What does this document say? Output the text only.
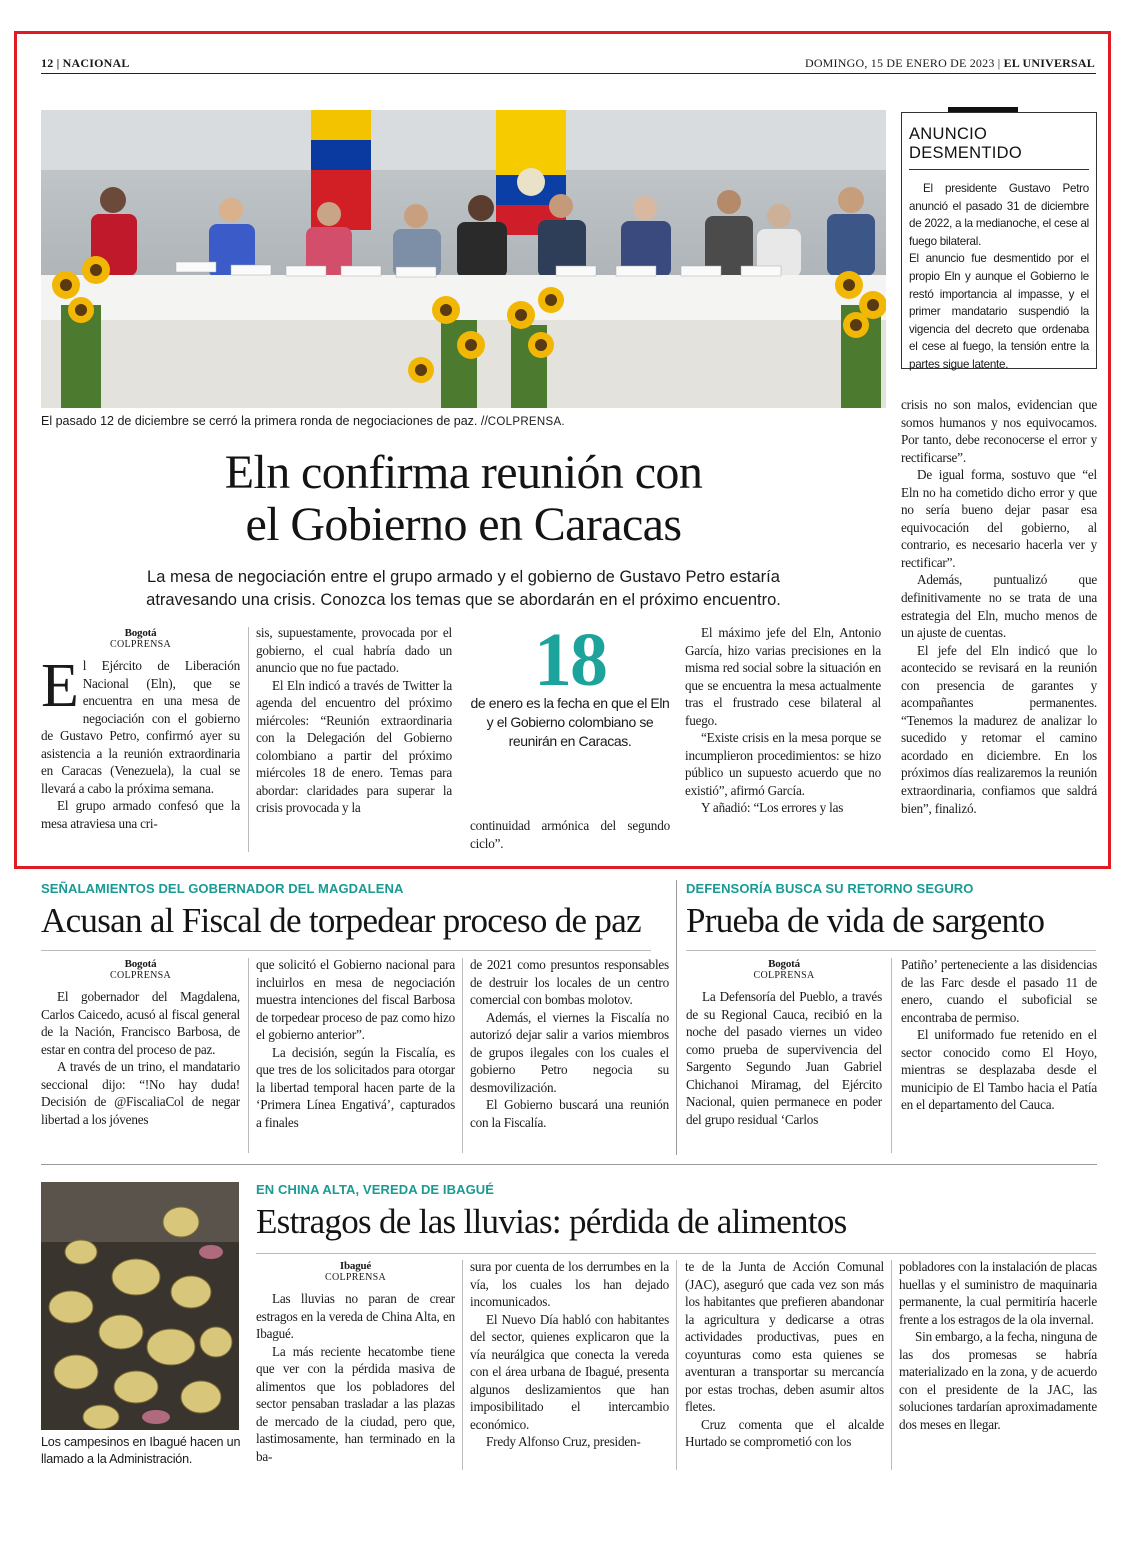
12 | NACIONAL	DOMINGO, 15 DE ENERO DE 2023 | EL UNIVERSAL
El pasado 12 de diciembre se cerró la primera ronda de negociaciones de paz. //COLPRENSA.
ANUNCIO DESMENTIDO

El presidente Gustavo Petro anunció el pasado 31 de diciembre de 2022, a la medianoche, el cese al fuego bilateral.

El anuncio fue desmentido por el propio Eln y aunque el Gobierno le restó importancia al impasse, y el primer mandatario suspendió la vigencia del decreto que ordenaba el cese al fuego, la tensión entre la partes sigue latente.

Eln confirma reunión con
el Gobierno en Caracas
La mesa de negociación entre el grupo armado y el gobierno de Gustavo Petro estaría
atravesando una crisis. Conozca los temas que se abordarán en el próximo encuentro.
Bogotá
COLPRENSA

El Ejército de Liberación Nacional (Eln), que se encuentra en una mesa de negociación con el gobierno de Gustavo Petro, confirmó ayer su asistencia a la reunión extraordinaria en Caracas (Venezuela), la cual se llevará a cabo la próxima semana.

El grupo armado confesó que la mesa atraviesa una cri-

sis, supuestamente, provocada por el gobierno, el cual habría dado un anuncio que no fue pactado.

El Eln indicó a través de Twitter la agenda del encuentro del próximo miércoles: “Reunión extraordinaria con la Delegación del Gobierno colombiano a partir del próximo miércoles 18 de enero. Temas para abordar: claridades para superar la crisis provocada y la

18
de enero es la fecha en que el Eln y el Gobierno colombiano se reunirán en Caracas.

continuidad armónica del segundo ciclo”.

El máximo jefe del Eln, Antonio García, hizo varias precisiones en la misma red social sobre la situación en que se encuentra la mesa actualmente tras el frustrado cese bilateral al fuego.

“Existe crisis en la mesa porque se incumplieron procedimientos: se hizo público un supuesto acuerdo que no existió”, afirmó García.

Y añadió: “Los errores y las

crisis no son malos, evidencian que somos humanos y nos equivocamos. Por tanto, debe reconocerse el error y rectificarse”.

De igual forma, sostuvo que “el Eln no ha cometido dicho error y que no sería bueno dejar pasar esa equivocación del gobierno, al contrario, es necesario hacerla ver y rectificar”.

Además, puntualizó que definitivamente no se trata de una estrategia del Eln, mucho menos de un ajuste de cuentas.

El jefe del Eln indicó que lo acontecido se revisará en la reunión con presencia de garantes y acompañantes permanentes. “Tenemos la madurez de analizar lo sucedido y retomar el camino acordado en diciembre. En los próximos días realizaremos la reunión extraordinaria, confiamos que saldrá bien”, finalizó.

SEÑALAMIENTOS DEL GOBERNADOR DEL MAGDALENA
Acusan al Fiscal de torpedear proceso de paz
Bogotá
COLPRENSA

El gobernador del Magdalena, Carlos Caicedo, acusó al fiscal general de la Nación, Francisco Barbosa, de estar en contra del proceso de paz.

A través de un trino, el mandatario seccional dijo: “!No hay duda! Decisión de @FiscaliaCol de negar libertad a los jóvenes

que solicitó el Gobierno nacional para incluirlos en mesa de negociación muestra intenciones del fiscal Barbosa de torpedear proceso de paz como hizo el gobierno anterior”.

La decisión, según la Fiscalía, es que tres de los solicitados para otorgar la libertad temporal hacen parte de la ‘Primera Línea Engativá’, capturados a finales

de 2021 como presuntos responsables de destruir los locales de un centro comercial con bombas molotov.

Además, el viernes la Fiscalía no autorizó dejar salir a varios miembros de grupos ilegales con los cuales el gobierno Petro negocia su desmovilización.

El Gobierno buscará una reunión con la Fiscalía.

DEFENSORÍA BUSCA SU RETORNO SEGURO
Prueba de vida de sargento
Bogotá
COLPRENSA

La Defensoría del Pueblo, a través de su Regional Cauca, recibió en la noche del pasado viernes un video como prueba de supervivencia del Sargento Segundo Juan Gabriel Chichanoi Miramag, del Ejército Nacional, quien permanece en poder del grupo residual ‘Carlos

Patiño’ perteneciente a las disidencias de las Farc desde el pasado 11 de enero, cuando el suboficial se encontraba de permiso.

El uniformado fue retenido en el sector conocido como El Hoyo, mientras se desplazaba desde el municipio de El Tambo hacia el Patía en el departamento del Cauca.

Los campesinos en Ibagué hacen un llamado a la Administración.
EN CHINA ALTA, VEREDA DE IBAGUÉ
Estragos de las lluvias: pérdida de alimentos
Ibagué
COLPRENSA

Las lluvias no paran de crear estragos en la vereda de China Alta, en Ibagué.

La más reciente hecatombe tiene que ver con la pérdida masiva de alimentos que los pobladores del sector pensaban trasladar a las plazas de mercado de la ciudad, pero que, lastimosamente, han terminado en la ba-

sura por cuenta de los derrumbes en la vía, los cuales los han dejado incomunicados.

El Nuevo Día habló con habitantes del sector, quienes explicaron que la vía neurálgica que conecta la vereda con el área urbana de Ibagué, presenta algunos deslizamientos que han imposibilitado el intercambio económico.

Fredy Alfonso Cruz, presiden-

te de la Junta de Acción Comunal (JAC), aseguró que cada vez son más los habitantes que prefieren abandonar la agricultura y dedicarse a otras actividades productivas, pues en coyunturas como esta quienes se aventuran a transportar su mercancía por estas trochas, deben asumir altos fletes.

Cruz comenta que el alcalde Hurtado se comprometió con los

pobladores con la instalación de placas huellas y el suministro de maquinaria permanente, la cual permitiría hacerle frente a los estragos de la ola invernal.

Sin embargo, a la fecha, ninguna de las dos promesas se habría materializado en la zona, y de acuerdo con el presidente de la JAC, las soluciones tardarían aproximadamente dos meses en llegar.
